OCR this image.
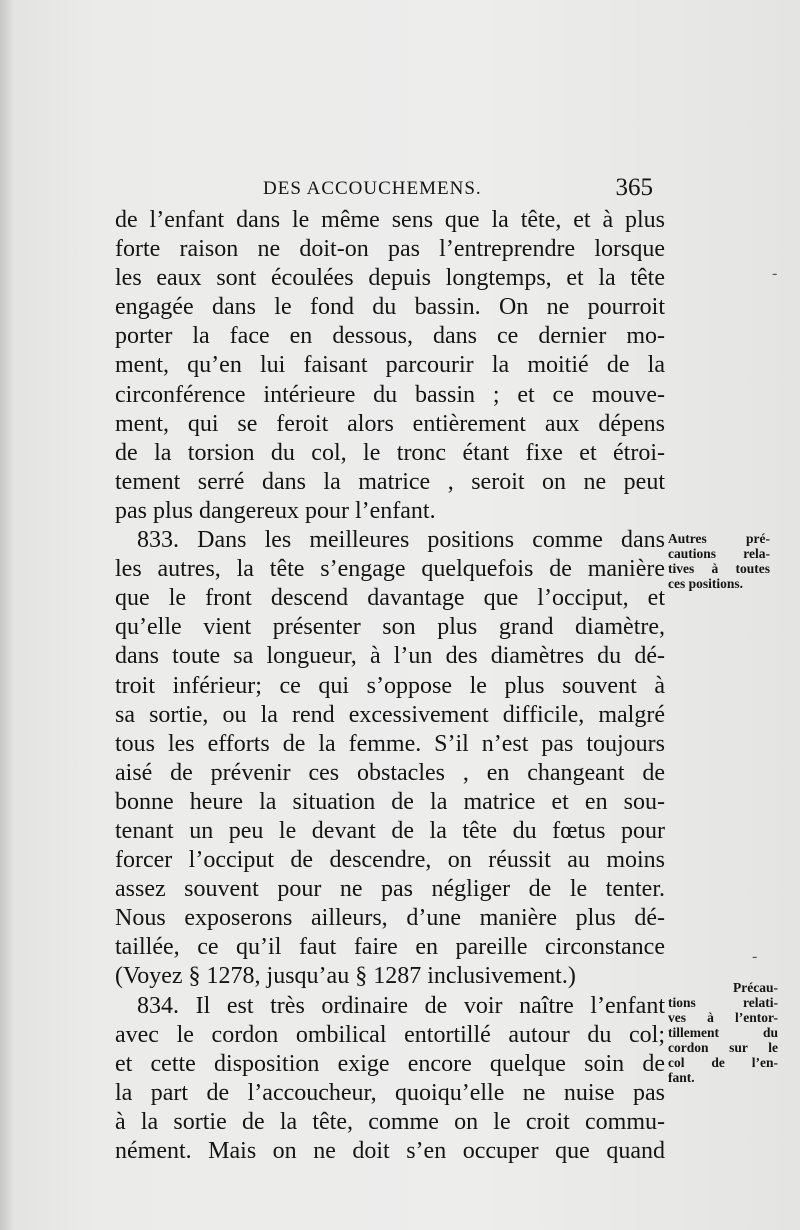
DES ACCOUCHEMENS.	365
de l’enfant dans le même sens que la tête, et à plus
forte raison ne doit-on pas l’entreprendre lorsque
les eaux sont écoulées depuis longtemps, et la tête
engagée dans le fond du bassin. On ne pourroit
porter la face en dessous, dans ce dernier mo-
ment, qu’en lui faisant parcourir la moitié de la
circonférence intérieure du bassin ; et ce mouve-
ment, qui se feroit alors entièrement aux dépens
de la torsion du col, le tronc étant fixe et étroi-
tement serré dans la matrice , seroit on ne peut
pas plus dangereux pour l’enfant.
833. Dans les meilleures positions comme dans
les autres, la tête s’engage quelquefois de manière
que le front descend davantage que l’occiput, et
qu’elle vient présenter son plus grand diamètre,
dans toute sa longueur, à l’un des diamètres du dé-
troit inférieur; ce qui s’oppose le plus souvent à
sa sortie, ou la rend excessivement difficile, malgré
tous les efforts de la femme. S’il n’est pas toujours
aisé de prévenir ces obstacles , en changeant de
bonne heure la situation de la matrice et en sou-
tenant un peu le devant de la tête du fœtus pour
forcer l’occiput de descendre, on réussit au moins
assez souvent pour ne pas négliger de le tenter.
Nous exposerons ailleurs, d’une manière plus dé-
taillée, ce qu’il faut faire en pareille circonstance
(Voyez § 1278, jusqu’au § 1287 inclusivement.)
834. Il est très ordinaire de voir naître l’enfant
avec le cordon ombilical entortillé autour du col;
et cette disposition exige encore quelque soin de
la part de l’accoucheur, quoiqu’elle ne nuise pas
à la sortie de la tête, comme on le croit commu-
nément. Mais on ne doit s’en occuper que quand
Autres pré-
cautions rela-
tives à toutes
ces positions.
Précau-
tions relati-
ves à l’entor-
tillement du
cordon sur le
col de l’en-
fant.
-
-
